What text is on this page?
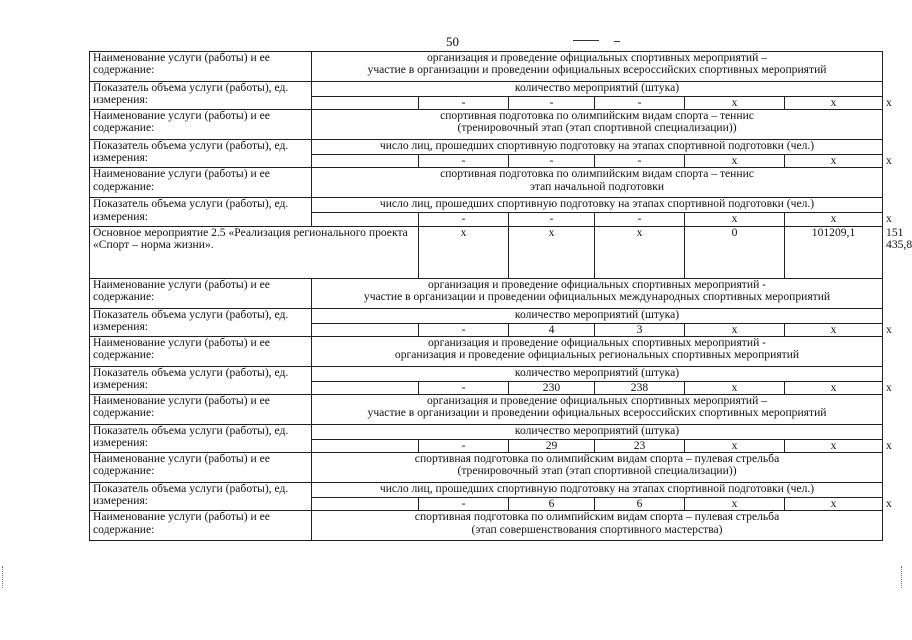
50
Наименование услуги (работы) и ее содержание:	организация и проведение официальных спортивных мероприятий –
участие в организации и проведении официальных всероссийских спортивных мероприятий						

Показатель объема услуги (работы), ед. измерения:	количество мероприятий (штука)						
		-	-	-	x	x	x
Наименование услуги (работы) и ее содержание:	спортивная подготовка по олимпийским видам спорта – теннис
(тренировочный этап (этап спортивной специализации))						

Показатель объема услуги (работы), ед. измерения:	число лиц, прошедших спортивную подготовку на этапах спортивной подготовки (чел.)						
		-	-	-	x	x	x
Наименование услуги (работы) и ее содержание:	спортивная подготовка по олимпийским видам спорта – теннис
этап начальной подготовки						

Показатель объема услуги (работы), ед. измерения:	число лиц, прошедших спортивную подготовку на этапах спортивной подготовки (чел.)						
		-	-	-	x	x	x
Основное мероприятие 2.5 «Реализация регионального проекта «Спорт – норма жизни».		x	x	x	0	101209,1	151 435,8
Наименование услуги (работы) и ее содержание:	организация и проведение официальных спортивных мероприятий -
участие в организации и проведении официальных международных спортивных мероприятий						

Показатель объема услуги (работы), ед. измерения:	количество мероприятий (штука)						
		-	4	3	x	x	x
Наименование услуги (работы) и ее содержание:	организация и проведение официальных спортивных мероприятий -
организация и проведение официальных региональных спортивных мероприятий						

Показатель объема услуги (работы), ед. измерения:	количество мероприятий (штука)						
		-	230	238	x	x	x
Наименование услуги (работы) и ее содержание:	организация и проведение официальных спортивных мероприятий –
участие в организации и проведении официальных всероссийских спортивных мероприятий						

Показатель объема услуги (работы), ед. измерения:	количество мероприятий (штука)						
		-	29	23	x	x	x
Наименование услуги (работы) и ее содержание:	спортивная подготовка по олимпийским видам спорта – пулевая стрельба
(тренировочный этап (этап спортивной специализации))						

Показатель объема услуги (работы), ед. измерения:	число лиц, прошедших спортивную подготовку на этапах спортивной подготовки (чел.)						
		-	6	6	x	x	x
Наименование услуги (работы) и ее содержание:	спортивная подготовка по олимпийским видам спорта – пулевая стрельба
(этап совершенствования спортивного мастерства)						
